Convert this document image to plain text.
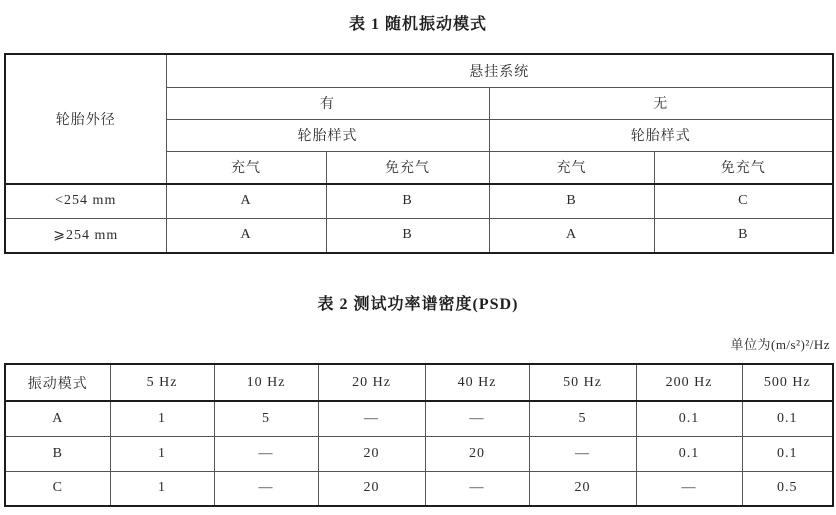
表 1 随机振动模式
轮胎外径	悬挂系统			
	有		无	
	轮胎样式		轮胎样式	
	充气	免充气	充气	免充气
<254 mm	A	B	B	C
⩾254 mm	A	B	A	B
表 2 测试功率谱密度(PSD)
单位为(m/s²)²/Hz
振动模式	5 Hz	10 Hz	20 Hz	40 Hz	50 Hz	200 Hz	500 Hz
A	1	5	—	—	5	0.1	0.1
B	1	—	20	20	—	0.1	0.1
C	1	—	20	—	20	—	0.5
